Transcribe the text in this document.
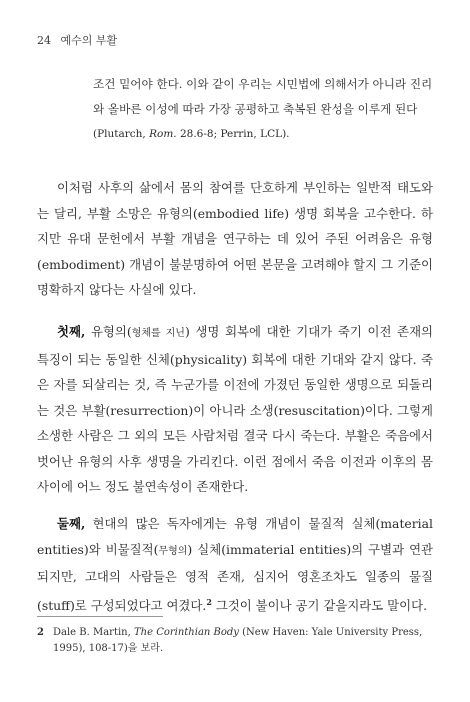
24 예수의 부활
조건 밑어야 한다. 이와 같이 우리는 시민법에 의해서가 아니라 진리와 올바른 이성에 따라 가장 공평하고 축복된 완성을 이루게 된다
(Plutarch, Rom. 28.6-8; Perrin, LCL).
이처럼 사후의 삶에서 몸의 참여를 단호하게 부인하는 일반적 태도와는 달리, 부활 소망은 유형의(embodied life) 생명 회복을 고수한다. 하지만 유대 문헌에서 부활 개념을 연구하는 데 있어 주된 어려움은 유형(embodiment) 개념이 불분명하여 어떤 본문을 고려해야 할지 그 기준이 명확하지 않다는 사실에 있다.
첫째, 유형의(형체를 지닌) 생명 회복에 대한 기대가 죽기 이전 존재의 특징이 되는 동일한 신체(physicality) 회복에 대한 기대와 같지 않다. 죽은 자를 되살리는 것, 즉 누군가를 이전에 가졌던 동일한 생명으로 되돌리는 것은 부활(resurrection)이 아니라 소생(resuscitation)이다. 그렇게 소생한 사람은 그 외의 모든 사람처럼 결국 다시 죽는다. 부활은 죽음에서 벗어난 유형의 사후 생명을 가리킨다. 이런 점에서 죽음 이전과 이후의 몸 사이에 어느 정도 불연속성이 존재한다.
둘째, 현대의 많은 독자에게는 유형 개념이 물질적 실체(material entities)와 비물질적(무형의) 실체(immaterial entities)의 구별과 연관되지만, 고대의 사람들은 영적 존재, 심지어 영혼조차도 일종의 물질(stuff)로 구성되었다고 여겼다.$^2$ 그것이 불이나 공기 같을지라도 말이다.
2 Dale B. Martin, The Corinthian Body (New Haven: Yale University Press, 1995), 108-17)을 보라.
